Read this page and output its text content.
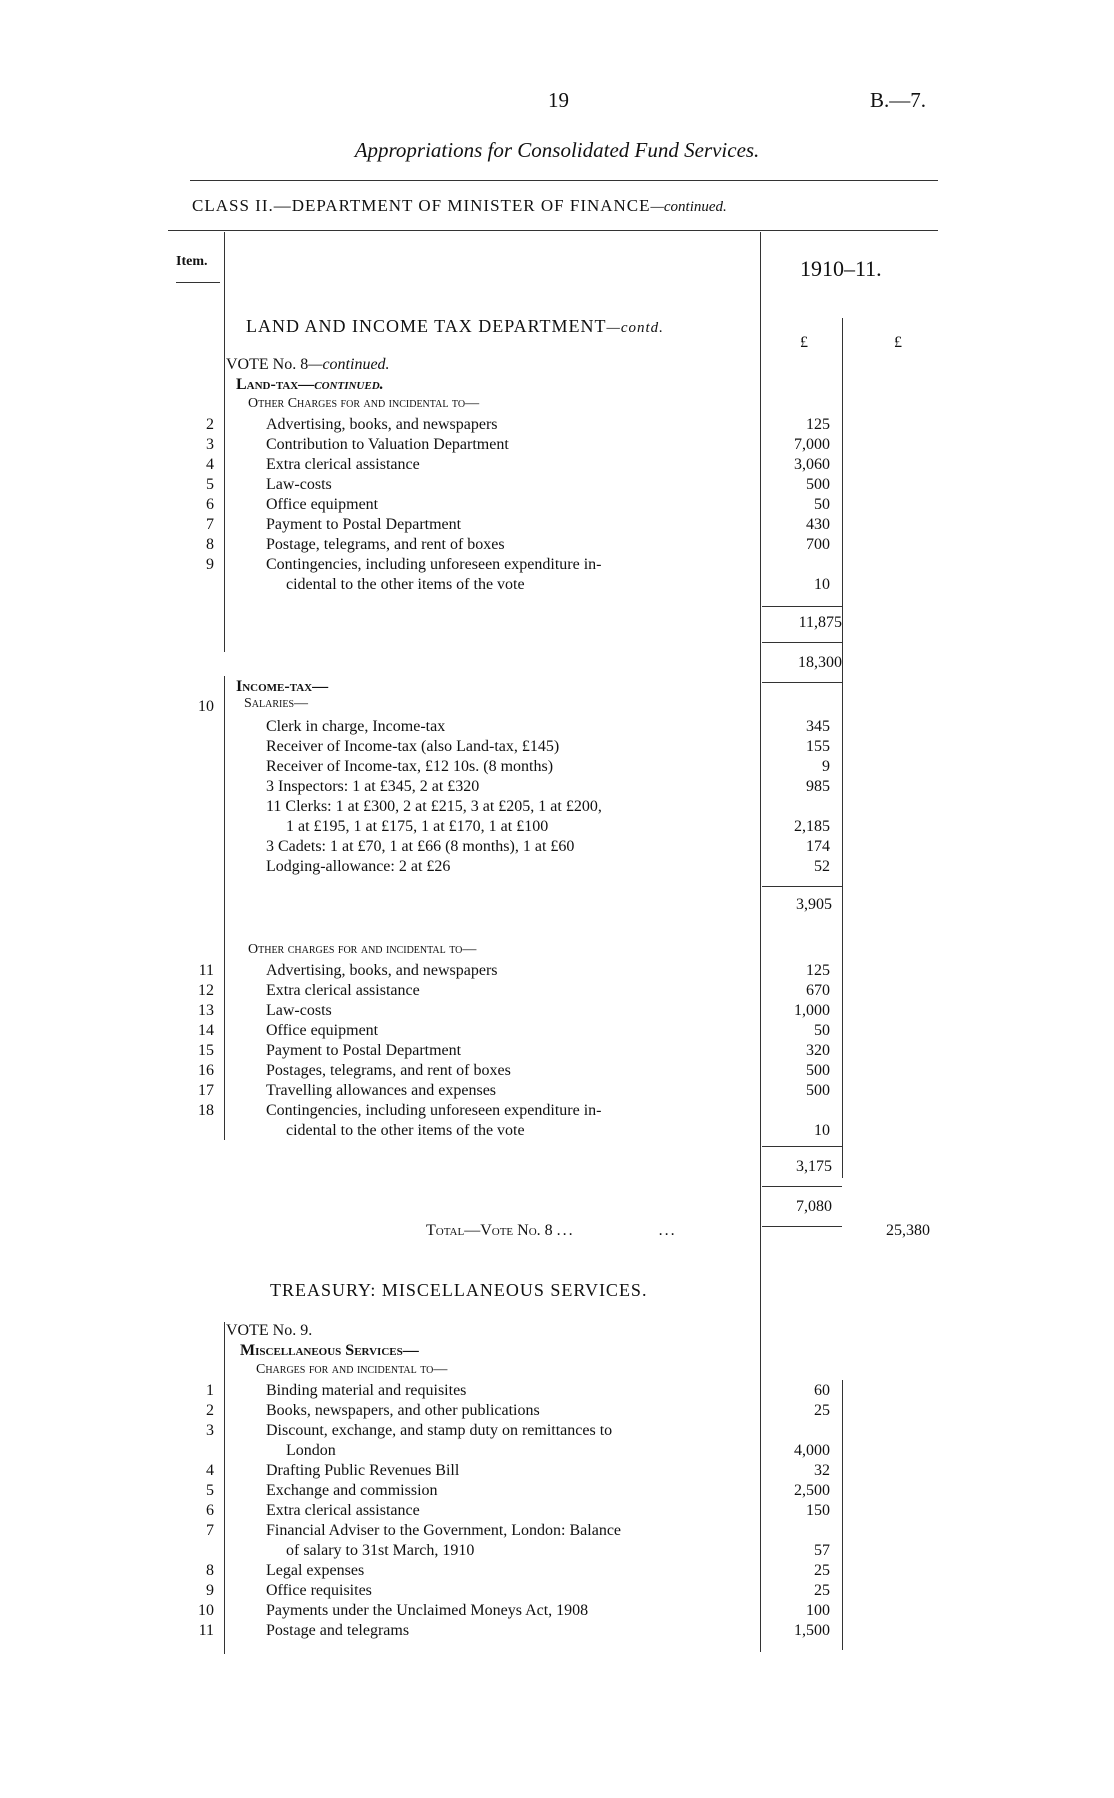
19	B.—7.
Appropriations for Consolidated Fund Services.
CLASS II.—DEPARTMENT OF MINISTER OF FINANCE—continued.
Item.	1910–11.
LAND AND INCOME TAX DEPARTMENT—contd.
£	£
VOTE No. 8—continued.
Land-tax—continued.
Other Charges for and incidental to—
2	Advertising, books, and newspapers	125
3	Contribution to Valuation Department	7,000
4	Extra clerical assistance	3,060
5	Law-costs	500
6	Office equipment	50
7	Payment to Postal Department	430
8	Postage, telegrams, and rent of boxes	700
9	Contingencies, including unforeseen expenditure in-
cidental to the other items of the vote	10
11,875
18,300
Income-tax—
Salaries—
10
Clerk in charge, Income-tax	345
Receiver of Income-tax (also Land-tax, £145)	155
Receiver of Income-tax, £12 10s. (8 months)	9
3 Inspectors: 1 at £345, 2 at £320	985
11 Clerks: 1 at £300, 2 at £215, 3 at £205, 1 at £200,
1 at £195, 1 at £175, 1 at £170, 1 at £100	2,185
3 Cadets: 1 at £70, 1 at £66 (8 months), 1 at £60	174
Lodging-allowance: 2 at £26	52
3,905
Other charges for and incidental to—
11	Advertising, books, and newspapers	125
12	Extra clerical assistance	670
13	Law-costs	1,000
14	Office equipment	50
15	Payment to Postal Department	320
16	Postages, telegrams, and rent of boxes	500
17	Travelling allowances and expenses	500
18	Contingencies, including unforeseen expenditure in-
cidental to the other items of the vote	10
3,175
7,080
Total—Vote No. 8 ...	...	25,380
TREASURY: MISCELLANEOUS SERVICES.
VOTE No. 9.
Miscellaneous Services—
Charges for and incidental to—
1	Binding material and requisites	60
2	Books, newspapers, and other publications	25
3	Discount, exchange, and stamp duty on remittances to
London	4,000
4	Drafting Public Revenues Bill	32
5	Exchange and commission	2,500
6	Extra clerical assistance	150
7	Financial Adviser to the Government, London: Balance
of salary to 31st March, 1910	57
8	Legal expenses	25
9	Office requisites	25
10	Payments under the Unclaimed Moneys Act, 1908	100
11	Postage and telegrams	1,500
